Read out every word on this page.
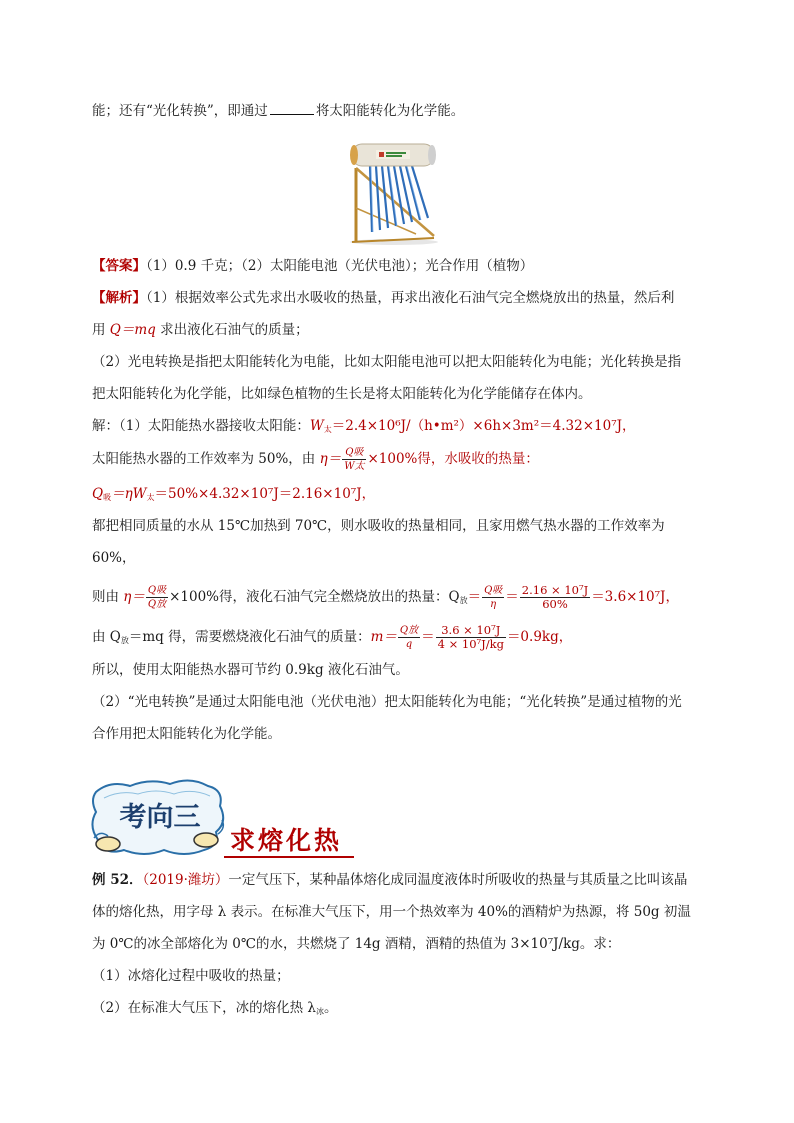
能；还有“光化转换”，即通过	将太阳能转化为化学能。
【答案】（1）0.9 千克；（2）太阳能电池（光伏电池）；光合作用（植物）
【解析】（1）根据效率公式先求出水吸收的热量，再求出液化石油气完全燃烧放出的热量，然后利
用 Q＝mq 求出液化石油气的质量；
（2）光电转换是指把太阳能转化为电能，比如太阳能电池可以把太阳能转化为电能；光化转换是指
把太阳能转化为化学能，比如绿色植物的生长是将太阳能转化为化学能储存在体内。
解：（1）太阳能热水器接收太阳能：$W_太=2.4\times 10^6J/(h•m^2)\times 6h\times 3m^2=4.32\times 10^7J$，
太阳能热水器的工作效率为 50%，由 $\eta= \frac{\text{Q吸}}{\text{W太}} \times 100\%$得，水吸收的热量：
$Q_吸=\eta W_太=50\%\times 4.32\times 10^7J=2.16\times 10^7J$，
都把相同质量的水从 15℃加热到 70℃，则水吸收的热量相同，且家用燃气热水器的工作效率为
60%，
则由 $\eta= \frac{\text{Q吸}}{\text{Q放}} \times 100\%$得，液化石油气完全燃烧放出的热量：$Q_放= \frac{\text{Q吸}}{\eta} = \frac{\text{2.16 × 10⁷J}}{60\%} =3.6\times 10^7J$，
由 $Q_放=mq$ 得，需要燃烧液化石油气的质量：$m= \frac{\text{Q放}}{q} = \frac{\text{3.6 × 10⁷J}}{\text{4 × 10⁷J/kg}} =0.9kg$，
所以，使用太阳能热水器可节约 0.9kg 液化石油气。
（2）“光电转换”是通过太阳能电池（光伏电池）把太阳能转化为电能；“光化转换”是通过植物的光
合作用把太阳能转化为化学能。
考向三
求熔化热
例 52．（2019·潍坊）一定气压下，某种晶体熔化成同温度液体时所吸收的热量与其质量之比叫该晶
体的熔化热，用字母 λ 表示。在标准大气压下，用一个热效率为 40%的酒精炉为热源，将 50g 初温
为 0℃的冰全部熔化为 0℃的水，共燃烧了 14g 酒精，酒精的热值为 3×10⁷J/kg。求：
（1）冰熔化过程中吸收的热量；
（2）在标准大气压下，冰的熔化热 $\lambda_冰$。
